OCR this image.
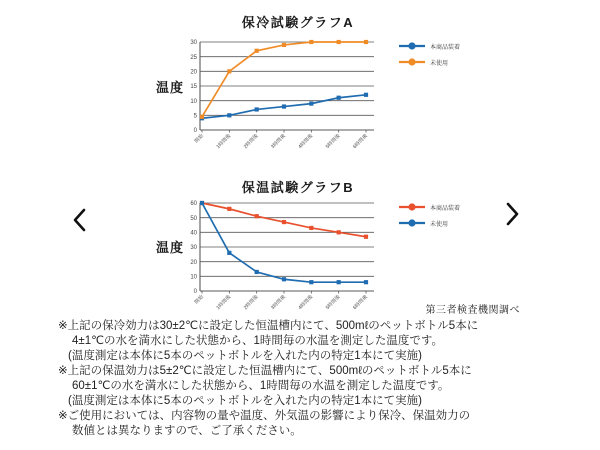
保冷試験グラフA
温度
0
5
10
15
20
25
30
開始 1時間後 2時間後 3時間後 4時間後 5時間後 6時間後
本商品装着
未使用
保温試験グラフB
温度
0
10
20
30
40
50
60
開始 1時間後 2時間後 3時間後 4時間後 5時間後 6時間後
本商品装着
未使用
第三者検査機関調べ
※上記の保冷効力は30±2℃に設定した恒温槽内にて、500mℓのペットボトル5本に
4±1℃の水を満水にした状態から、1時間毎の水温を測定した温度です。
(温度測定は本体に5本のペットボトルを入れた内の特定1本にて実施)
※上記の保温効力は5±2℃に設定した恒温槽内にて、500mℓのペットボトル5本に
60±1℃の水を満水にした状態から、1時間毎の水温を測定した温度です。
(温度測定は本体に5本のペットボトルを入れた内の特定1本にて実施)
※ご使用においては、内容物の量や温度、外気温の影響により保冷、保温効力の
数値とは異なりますので、ご了承ください。
